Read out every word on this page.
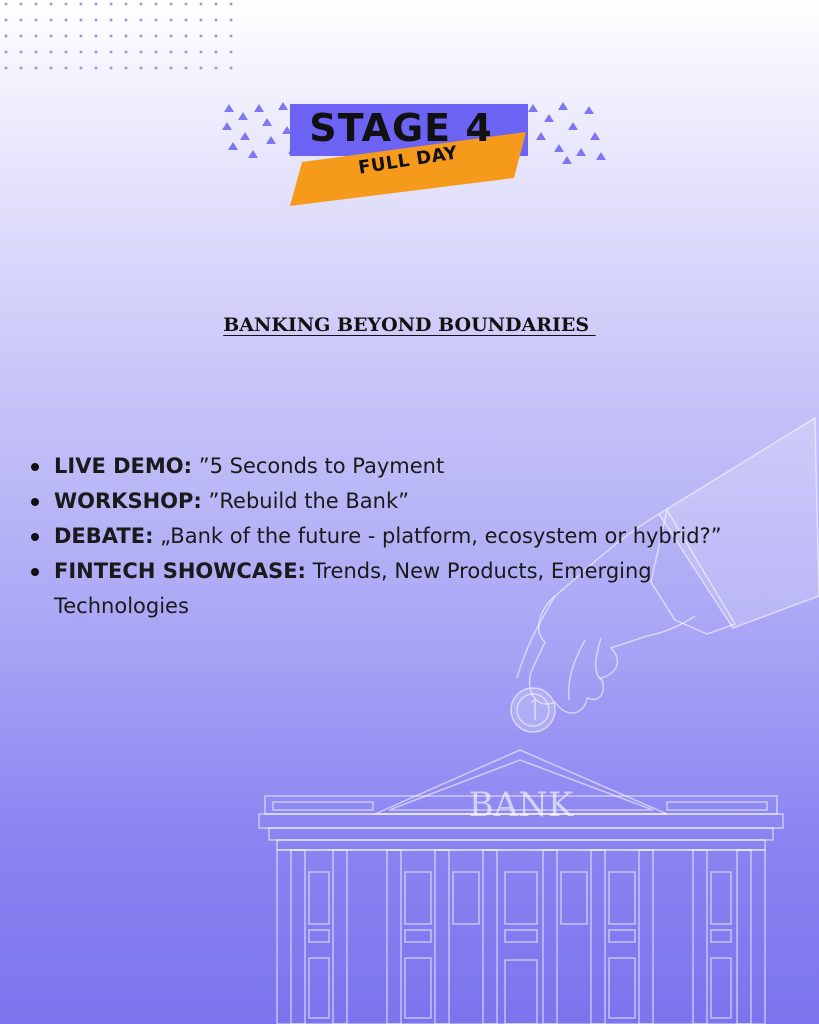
STAGE 4
FULL DAY
BANKING BEYOND BOUNDARIES
BANK
LIVE DEMO: ”5 Seconds to Payment
WORKSHOP: ”Rebuild the Bank”
DEBATE: „Bank of the future - platform, ecosystem or hybrid?”
FINTECH SHOWCASE: Trends, New Products, Emerging Technologies
